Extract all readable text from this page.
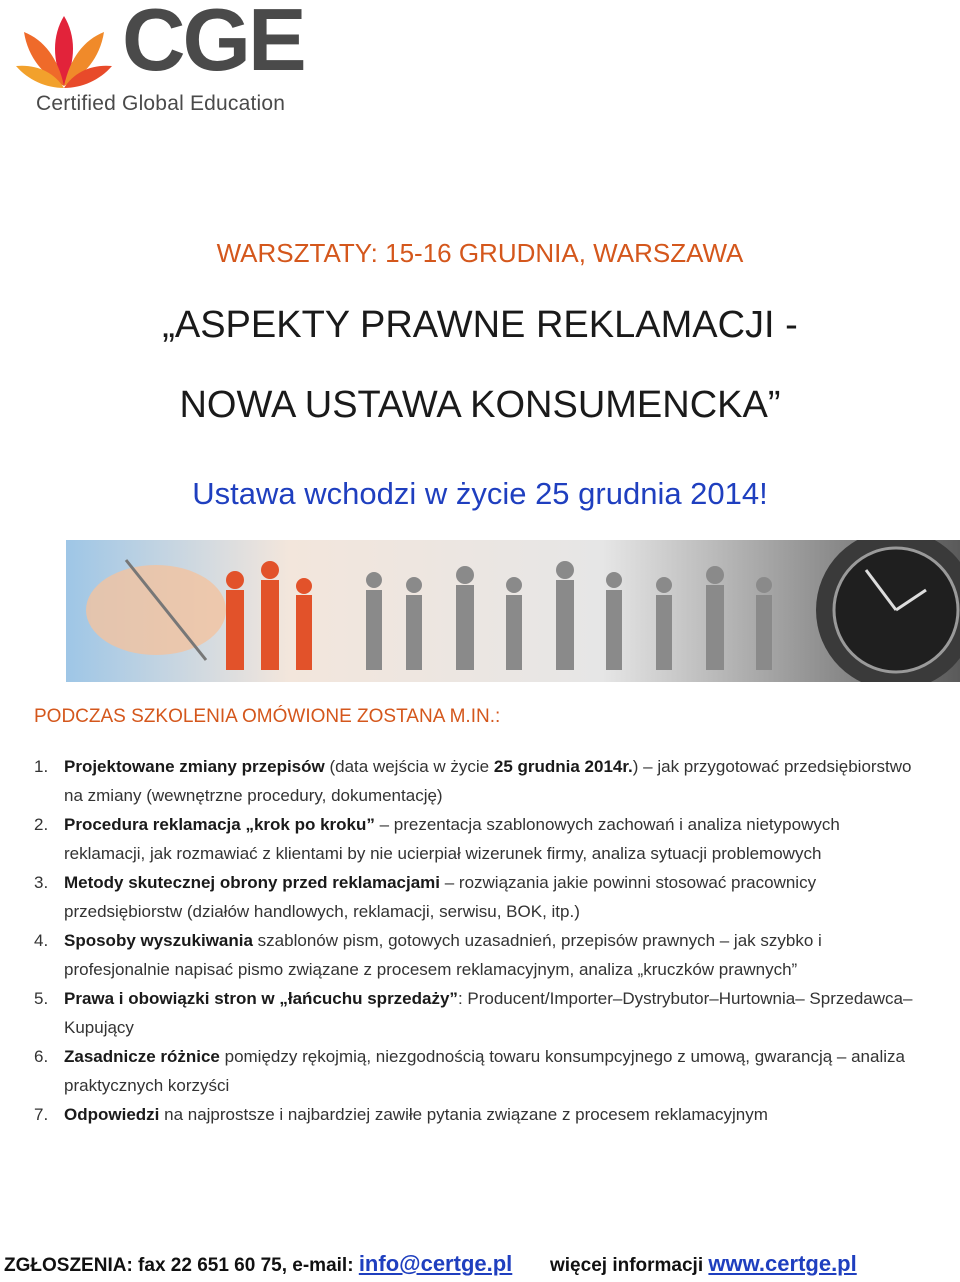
CGE
Certified Global Education
WARSZTATY: 15-16 GRUDNIA, WARSZAWA
„ASPEKTY PRAWNE REKLAMACJI -
NOWA USTAWA KONSUMENCKA”
Ustawa wchodzi w życie 25 grudnia 2014!
PODCZAS SZKOLENIA OMÓWIONE ZOSTANA M.IN.:
1. Projektowane zmiany przepisów (data wejścia w życie 25 grudnia 2014r.) – jak przygotować przedsiębiorstwo na zmiany (wewnętrzne procedury, dokumentację)
2. Procedura reklamacja „krok po kroku” – prezentacja szablonowych zachowań i analiza nietypowych reklamacji, jak rozmawiać z klientami by nie ucierpiał wizerunek firmy, analiza sytuacji problemowych
3. Metody skutecznej obrony przed reklamacjami – rozwiązania jakie powinni stosować pracownicy przedsiębiorstw (działów handlowych, reklamacji, serwisu, BOK, itp.)
4. Sposoby wyszukiwania szablonów pism, gotowych uzasadnień, przepisów prawnych – jak szybko i profesjonalnie napisać pismo związane z procesem reklamacyjnym, analiza „kruczków prawnych”
5. Prawa i obowiązki stron w „łańcuchu sprzedaży”: Producent/Importer–Dystrybutor–Hurtownia– Sprzedawca–Kupujący
6. Zasadnicze różnice pomiędzy rękojmią, niezgodnością towaru konsumpcyjnego z umową, gwarancją – analiza praktycznych korzyści
7. Odpowiedzi na najprostsze i najbardziej zawiłe pytania związane z procesem reklamacyjnym
ZGŁOSZENIA: fax 22 651 60 75, e-mail: info@certge.pl więcej informacji www.certge.pl
